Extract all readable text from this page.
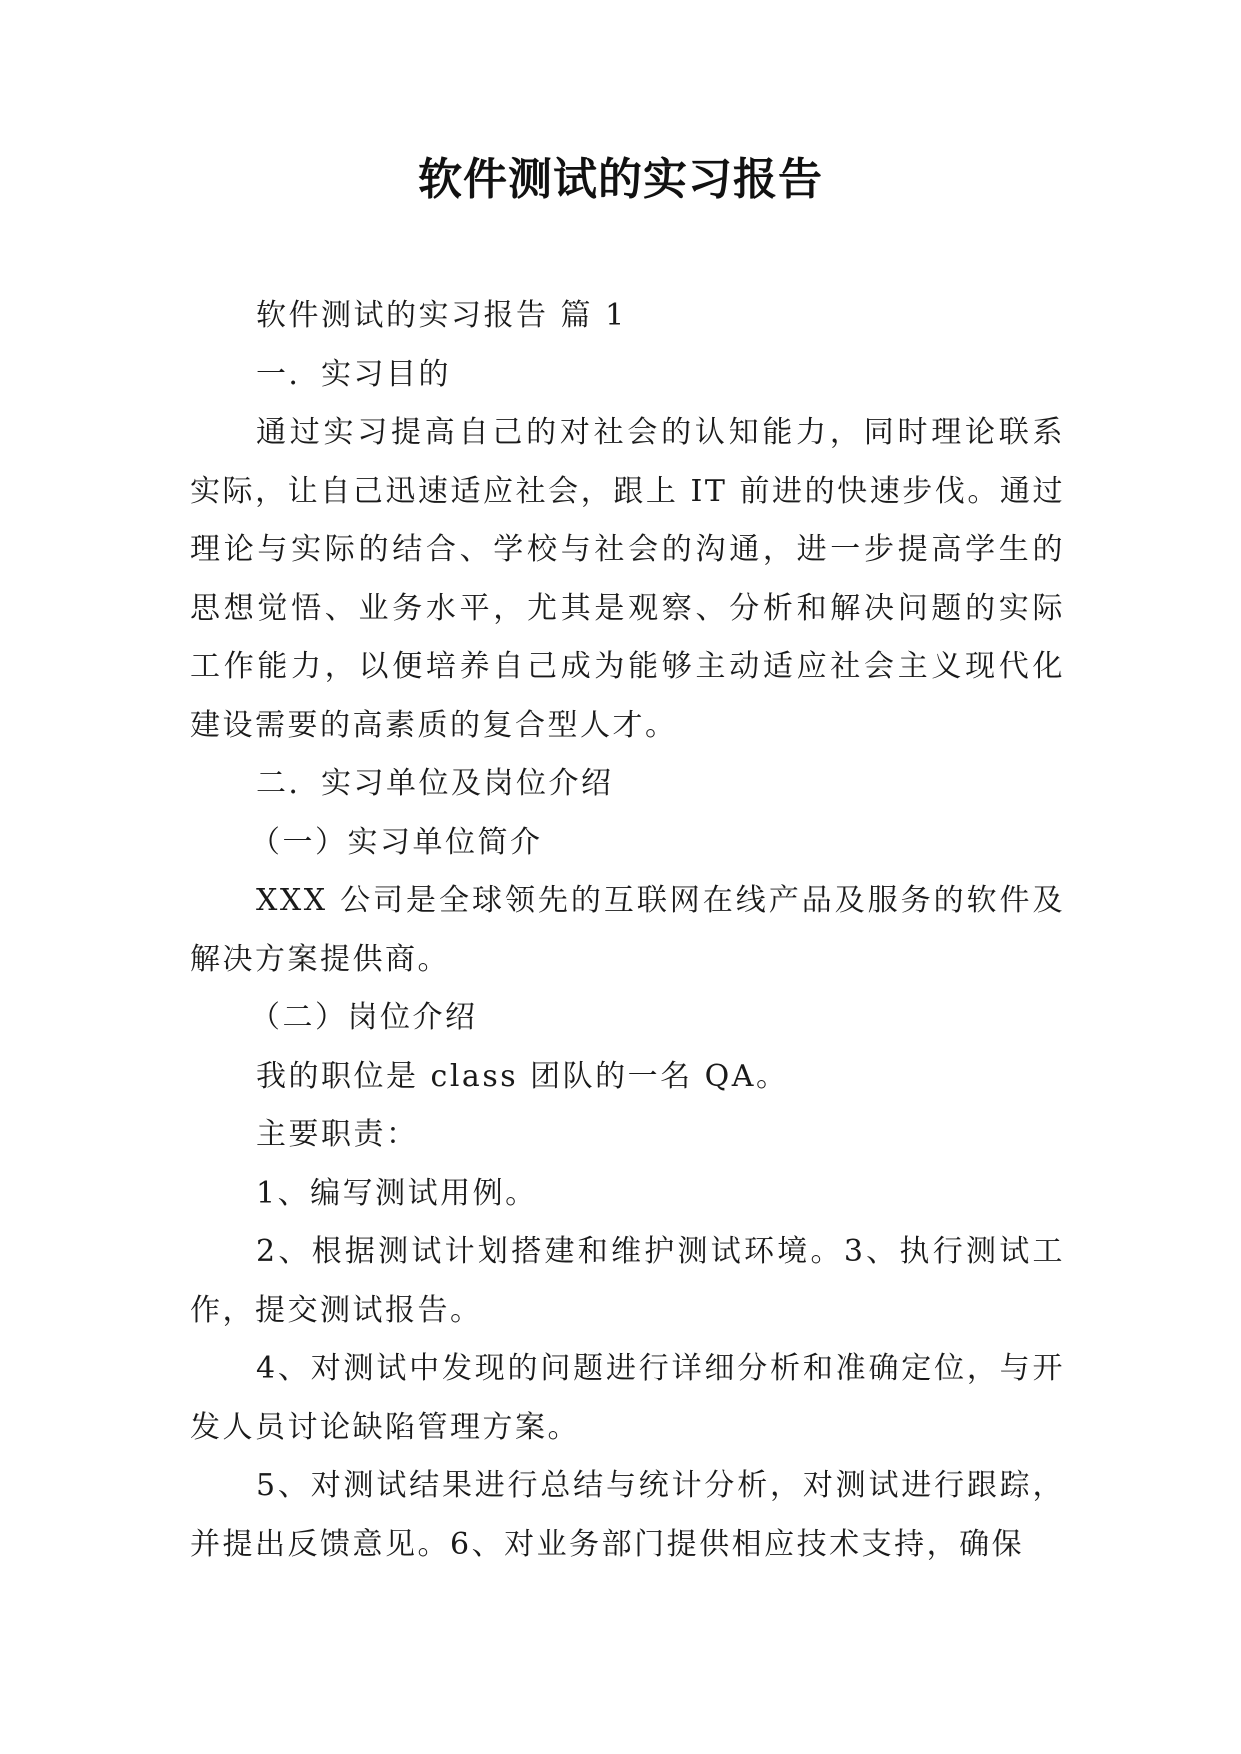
软件测试的实习报告

软件测试的实习报告 篇 1

一．实习目的

通过实习提高自己的对社会的认知能力，同时理论联系实际，让自己迅速适应社会，跟上 IT 前进的快速步伐。通过理论与实际的结合、学校与社会的沟通，进一步提高学生的思想觉悟、业务水平，尤其是观察、分析和解决问题的实际工作能力，以便培养自己成为能够主动适应社会主义现代化建设需要的高素质的复合型人才。

二．实习单位及岗位介绍

（一）实习单位简介

XXX 公司是全球领先的互联网在线产品及服务的软件及解决方案提供商。

（二）岗位介绍

我的职位是 class 团队的一名 QA。

主要职责：

1、编写测试用例。

2、根据测试计划搭建和维护测试环境。3、执行测试工作，提交测试报告。

4、对测试中发现的问题进行详细分析和准确定位，与开发人员讨论缺陷管理方案。

5、对测试结果进行总结与统计分析，对测试进行跟踪，并提出反馈意见。6、对业务部门提供相应技术支持，确保
